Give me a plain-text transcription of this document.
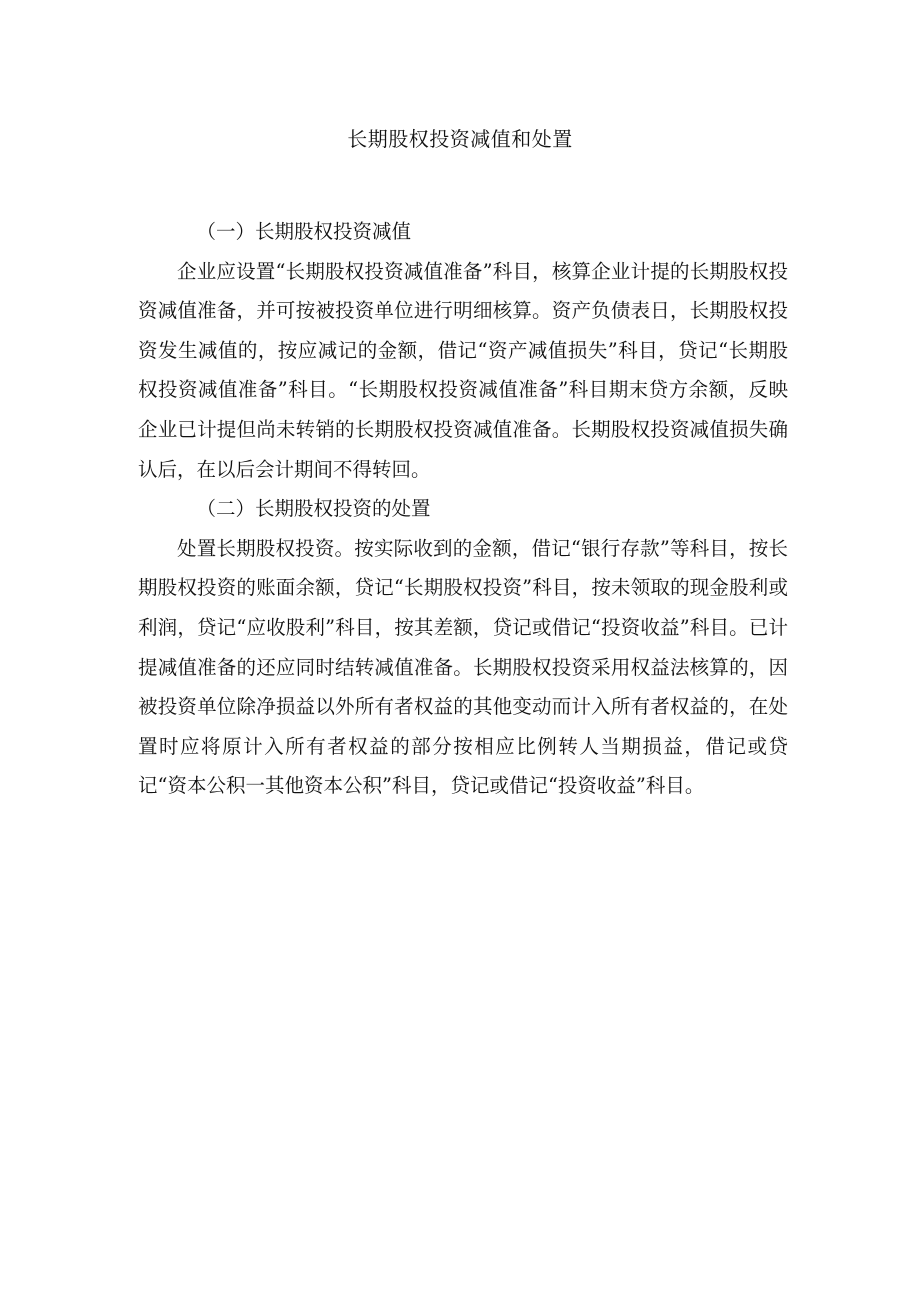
长期股权投资减值和处置

（一）长期股权投资减值

企业应设置“长期股权投资减值准备”科目，核算企业计提的长期股权投资减值准备，并可按被投资单位进行明细核算。资产负债表日，长期股权投资发生减值的，按应减记的金额，借记“资产减值损失”科目，贷记“长期股权投资减值准备”科目。“长期股权投资减值准备”科目期末贷方余额，反映企业已计提但尚未转销的长期股权投资减值准备。长期股权投资减值损失确认后，在以后会计期间不得转回。

（二）长期股权投资的处置

处置长期股权投资。按实际收到的金额，借记“银行存款”等科目，按长期股权投资的账面余额，贷记“长期股权投资”科目，按未领取的现金股利或利润，贷记“应收股利”科目，按其差额，贷记或借记“投资收益”科目。已计提减值准备的还应同时结转减值准备。长期股权投资采用权益法核算的，因被投资单位除净损益以外所有者权益的其他变动而计入所有者权益的，在处置时应将原计入所有者权益的部分按相应比例转人当期损益，借记或贷记“资本公积一其他资本公积”科目，贷记或借记“投资收益”科目。
